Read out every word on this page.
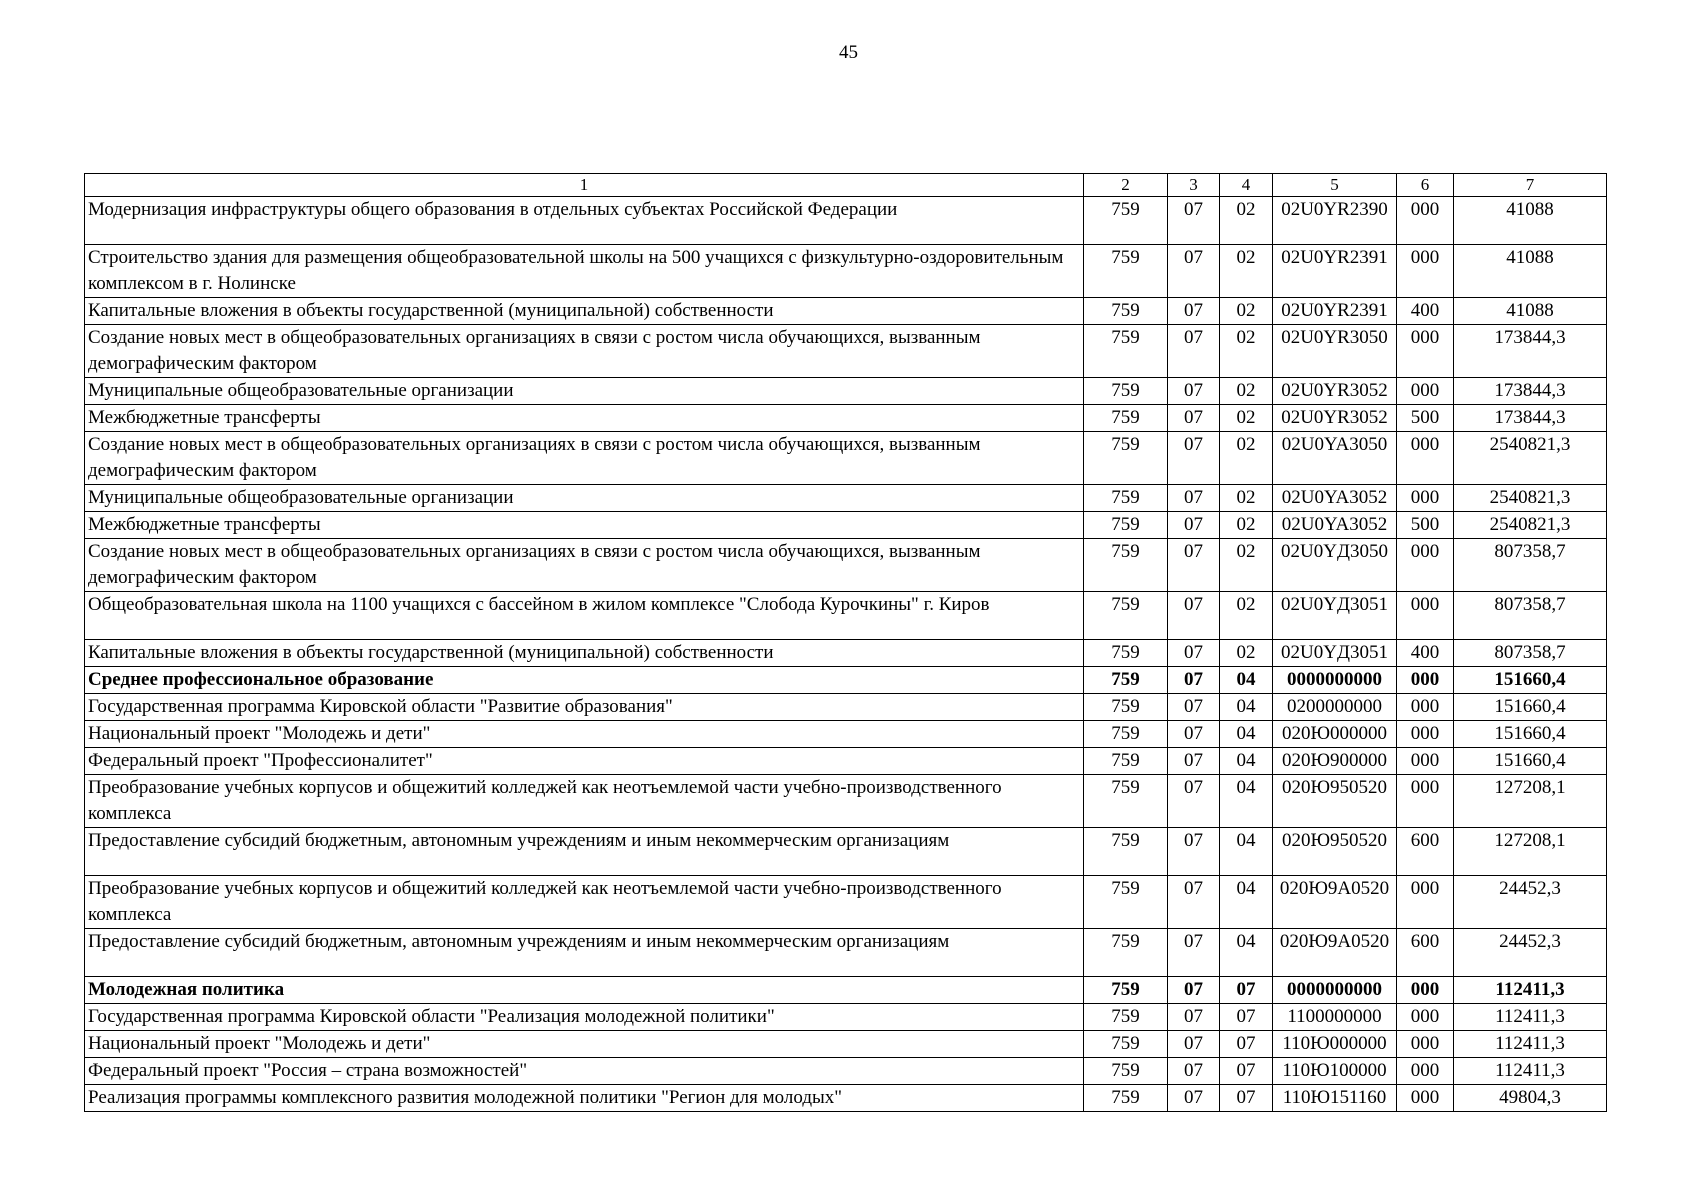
45
1	2	3	4	5	6	7
Модернизация инфраструктуры общего образования в отдельных субъектах Российской Федерации	759	07	02	02U0YR2390	000	41088
Строительство здания для размещения общеобразовательной школы на 500 учащихся с физкультурно-оздоровительным комплексом в г. Нолинске	759	07	02	02U0YR2391	000	41088
Капитальные вложения в объекты государственной (муниципальной) собственности	759	07	02	02U0YR2391	400	41088
Создание новых мест в общеобразовательных организациях в связи с ростом числа обучающихся, вызванным демографическим фактором	759	07	02	02U0YR3050	000	173844,3
Муниципальные общеобразовательные организации	759	07	02	02U0YR3052	000	173844,3
Межбюджетные трансферты	759	07	02	02U0YR3052	500	173844,3
Создание новых мест в общеобразовательных организациях в связи с ростом числа обучающихся, вызванным демографическим фактором	759	07	02	02U0YA3050	000	2540821,3
Муниципальные общеобразовательные организации	759	07	02	02U0YA3052	000	2540821,3
Межбюджетные трансферты	759	07	02	02U0YA3052	500	2540821,3
Создание новых мест в общеобразовательных организациях в связи с ростом числа обучающихся, вызванным демографическим фактором	759	07	02	02U0YД3050	000	807358,7
Общеобразовательная школа на 1100 учащихся с бассейном в жилом комплексе "Слобода Курочкины" г. Киров	759	07	02	02U0YД3051	000	807358,7
Капитальные вложения в объекты государственной (муниципальной) собственности	759	07	02	02U0YД3051	400	807358,7
Среднее профессиональное образование	759	07	04	0000000000	000	151660,4
Государственная программа Кировской области "Развитие образования"	759	07	04	0200000000	000	151660,4
Национальный проект "Молодежь и дети"	759	07	04	020Ю000000	000	151660,4
Федеральный проект "Профессионалитет"	759	07	04	020Ю900000	000	151660,4
Преобразование учебных корпусов и общежитий колледжей как неотъемлемой части учебно-производственного комплекса	759	07	04	020Ю950520	000	127208,1
Предоставление субсидий бюджетным, автономным учреждениям и иным некоммерческим организациям	759	07	04	020Ю950520	600	127208,1
Преобразование учебных корпусов и общежитий колледжей как неотъемлемой части учебно-производственного комплекса	759	07	04	020Ю9A0520	000	24452,3
Предоставление субсидий бюджетным, автономным учреждениям и иным некоммерческим организациям	759	07	04	020Ю9A0520	600	24452,3
Молодежная политика	759	07	07	0000000000	000	112411,3
Государственная программа Кировской области "Реализация молодежной политики"	759	07	07	1100000000	000	112411,3
Национальный проект "Молодежь и дети"	759	07	07	110Ю000000	000	112411,3
Федеральный проект "Россия – страна возможностей"	759	07	07	110Ю100000	000	112411,3
Реализация программы комплексного развития молодежной политики "Регион для молодых"	759	07	07	110Ю151160	000	49804,3
